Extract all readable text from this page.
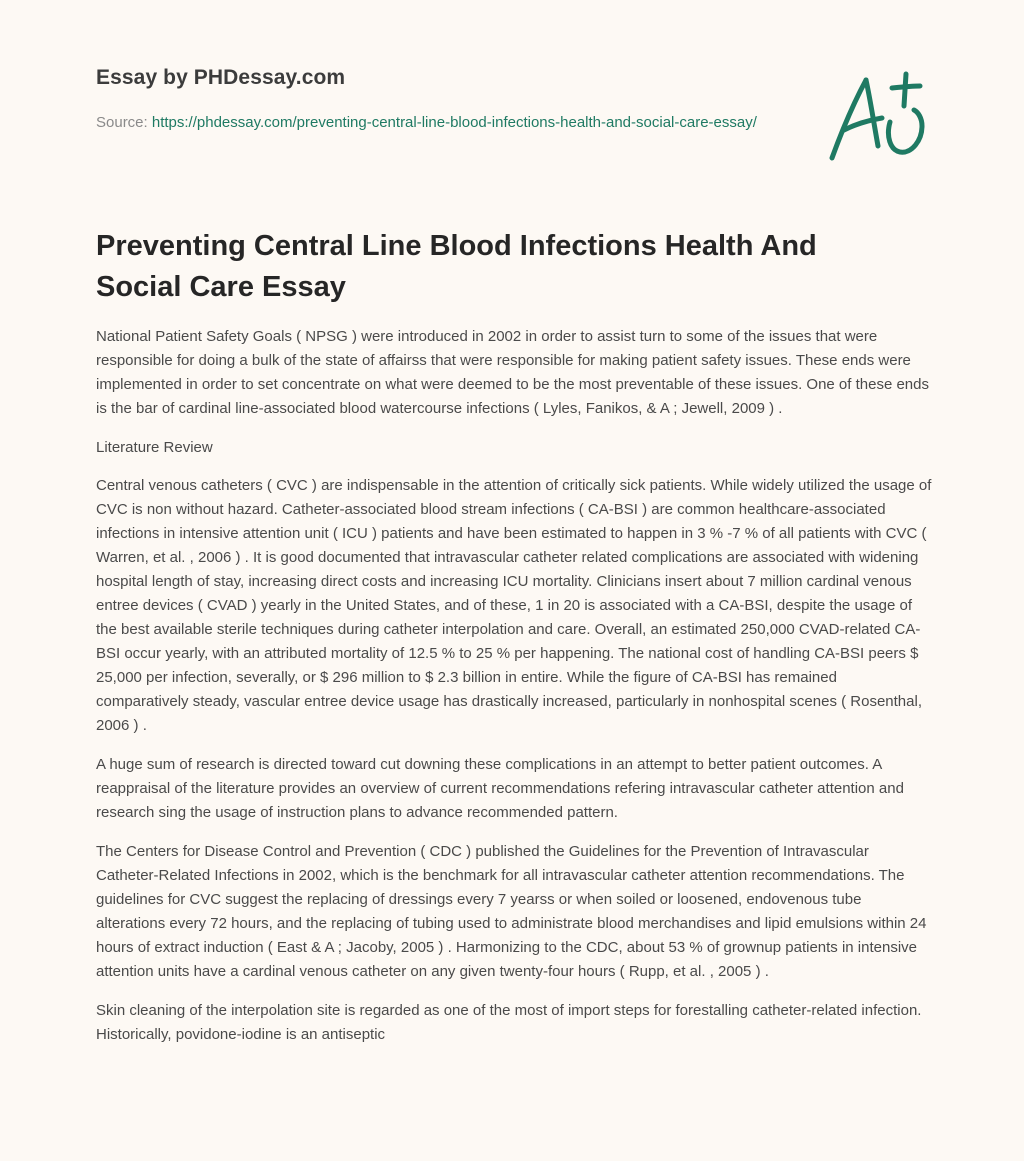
Essay by PHDessay.com
Source: https://phdessay.com/preventing-central-line-blood-infections-health-and-social-care-essay/
Preventing Central Line Blood Infections Health And Social Care Essay

National Patient Safety Goals ( NPSG ) were introduced in 2002 in order to assist turn to some of the issues that were responsible for doing a bulk of the state of affairss that were responsible for making patient safety issues. These ends were implemented in order to set concentrate on what were deemed to be the most preventable of these issues. One of these ends is the bar of cardinal line-associated blood watercourse infections ( Lyles, Fanikos, & A ; Jewell, 2009 ) .

Literature Review

Central venous catheters ( CVC ) are indispensable in the attention of critically sick patients. While widely utilized the usage of CVC is non without hazard. Catheter-associated blood stream infections ( CA-BSI ) are common healthcare-associated infections in intensive attention unit ( ICU ) patients and have been estimated to happen in 3 % -7 % of all patients with CVC ( Warren, et al. , 2006 ) . It is good documented that intravascular catheter related complications are associated with widening hospital length of stay, increasing direct costs and increasing ICU mortality. Clinicians insert about 7 million cardinal venous entree devices ( CVAD ) yearly in the United States, and of these, 1 in 20 is associated with a CA-BSI, despite the usage of the best available sterile techniques during catheter interpolation and care. Overall, an estimated 250,000 CVAD-related CA-BSI occur yearly, with an attributed mortality of 12.5 % to 25 % per happening. The national cost of handling CA-BSI peers $ 25,000 per infection, severally, or $ 296 million to $ 2.3 billion in entire. While the figure of CA-BSI has remained comparatively steady, vascular entree device usage has drastically increased, particularly in nonhospital scenes ( Rosenthal, 2006 ) .

A huge sum of research is directed toward cut downing these complications in an attempt to better patient outcomes. A reappraisal of the literature provides an overview of current recommendations refering intravascular catheter attention and research sing the usage of instruction plans to advance recommended pattern.

The Centers for Disease Control and Prevention ( CDC ) published the Guidelines for the Prevention of Intravascular Catheter-Related Infections in 2002, which is the benchmark for all intravascular catheter attention recommendations. The guidelines for CVC suggest the replacing of dressings every 7 yearss or when soiled or loosened, endovenous tube alterations every 72 hours, and the replacing of tubing used to administrate blood merchandises and lipid emulsions within 24 hours of extract induction ( East & A ; Jacoby, 2005 ) . Harmonizing to the CDC, about 53 % of grownup patients in intensive attention units have a cardinal venous catheter on any given twenty-four hours ( Rupp, et al. , 2005 ) .

Skin cleaning of the interpolation site is regarded as one of the most of import steps for forestalling catheter-related infection. Historically, povidone-iodine is an antiseptic
